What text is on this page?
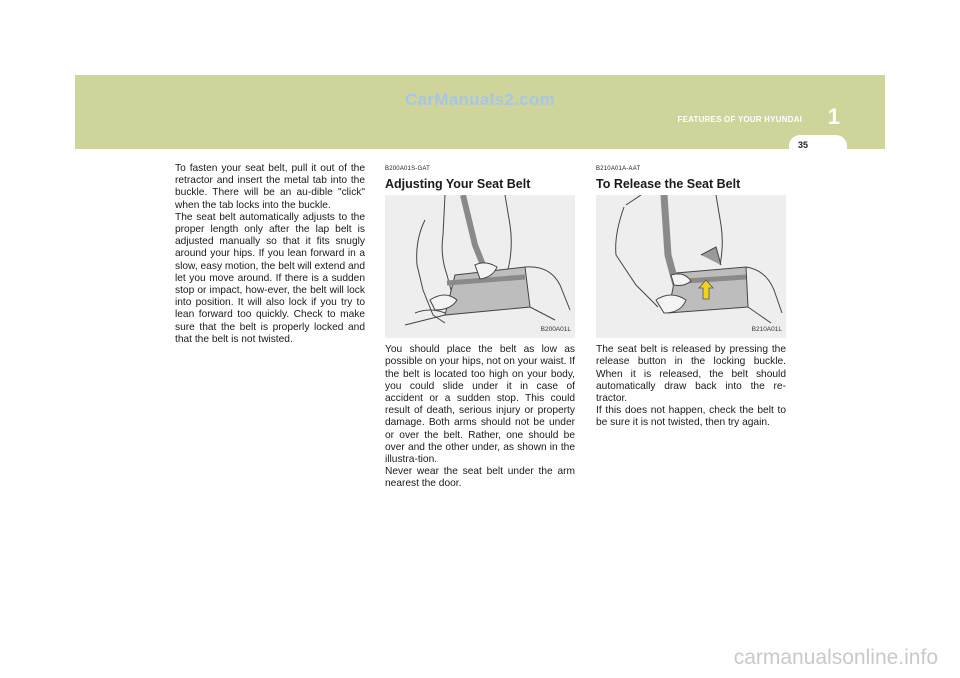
CarManuals2.com
FEATURES OF YOUR HYUNDAI 1
35

To fasten your seat belt, pull it out of the retractor and insert the metal tab into the buckle. There will be an au-dible "click" when the tab locks into the buckle.

The seat belt automatically adjusts to the proper length only after the lap belt is adjusted manually so that it fits snugly around your hips. If you lean forward in a slow, easy motion, the belt will extend and let you move around. If there is a sudden stop or impact, how-ever, the belt will lock into position. It will also lock if you try to lean forward too quickly. Check to make sure that the belt is properly locked and that the belt is not twisted.

B200A01S-GAT
Adjusting Your Seat Belt
B200A01L

You should place the belt as low as possible on your hips, not on your waist. If the belt is located too high on your body, you could slide under it in case of accident or a sudden stop. This could result of death, serious injury or property damage. Both arms should not be under or over the belt. Rather, one should be over and the other under, as shown in the illustra-tion.

Never wear the seat belt under the arm nearest the door.

B210A01A-AAT
To Release the Seat Belt
B210A01L

The seat belt is released by pressing the release button in the locking buckle. When it is released, the belt should automatically draw back into the re-tractor.

If this does not happen, check the belt to be sure it is not twisted, then try again.

carmanualsonline.info
